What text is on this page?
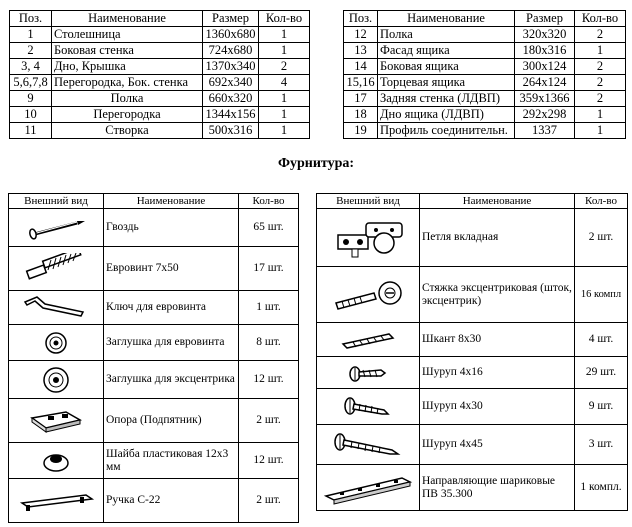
Поз.	Наименование	Размер	Кол-во
1	Столешница	1360х680	1
2	Боковая стенка	724х680	1
3, 4	Дно, Крышка	1370х340	2
5,6,7,8	Перегородка, Бок. стенка	692х340	4
9	Полка	660х320	1
10	Перегородка	1344х156	1
11	Створка	500х316	1
Поз.	Наименование	Размер	Кол-во
12	Полка	320х320	2
13	Фасад ящика	180х316	1
14	Боковая ящика	300х124	2
15,16	Торцевая ящика	264х124	2
17	Задняя стенка (ЛДВП)	359х1366	2
18	Дно ящика (ЛДВП)	292х298	1
19	Профиль соединительн.	1337	1
Фурнитура:
Внешний вид	Наименование	Кол-во

	Гвоздь	65 шт.

	Евровинт 7х50	17 шт.

	Ключ для евровинта	1 шт.

	Заглушка для евровинта	8 шт.

	Заглушка для эксцентрика	12 шт.

	Опора (Подпятник)	2 шт.

	Шайба пластиковая 12х3 мм	12 шт.

	Ручка С-22	2 шт.
Внешний вид	Наименование	Кол-во

	Петля вкладная	2 шт.

	Стяжка эксцентриковая (шток, эксцентрик)	16 компл

	Шкант 8х30	4 шт.

	Шуруп 4х16	29 шт.

	Шуруп 4х30	9 шт.

	Шуруп 4х45	3 шт.

	Направляющие шариковые ПВ 35.300	1 компл.
